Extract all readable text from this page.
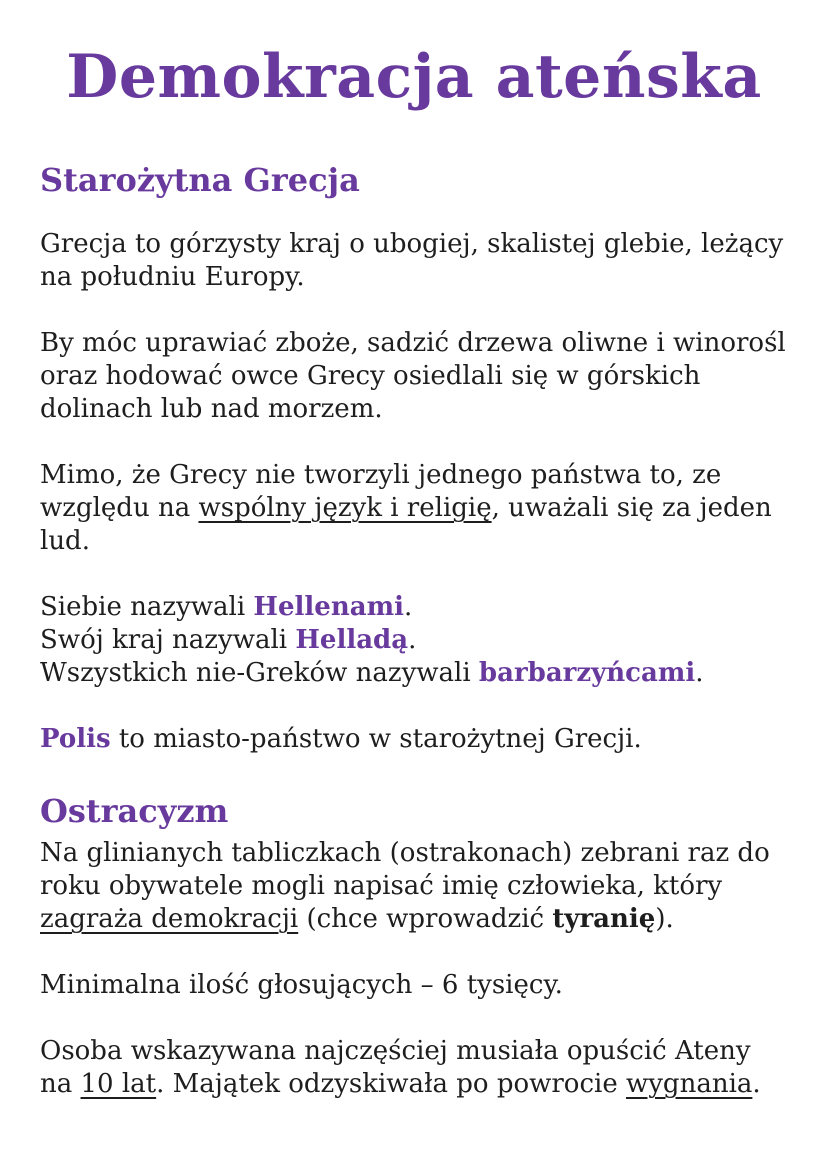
Demokracja ateńska
Starożytna Grecja

Grecja to górzysty kraj o ubogiej, skalistej glebie, leżący
na południu Europy.

By móc uprawiać zboże, sadzić drzewa oliwne i winorośl
oraz hodować owce Grecy osiedlali się w górskich
dolinach lub nad morzem.

Mimo, że Grecy nie tworzyli jednego państwa to, ze
względu na wspólny język i religię, uważali się za jeden
lud.

Siebie nazywali Hellenami.
Swój kraj nazywali Helladą.
Wszystkich nie-Greków nazywali barbarzyńcami.

Polis to miasto-państwo w starożytnej Grecji.

Ostracyzm

Na glinianych tabliczkach (ostrakonach) zebrani raz do
roku obywatele mogli napisać imię człowieka, który
zagraża demokracji (chce wprowadzić tyranię).

Minimalna ilość głosujących – 6 tysięcy.

Osoba wskazywana najczęściej musiała opuścić Ateny
na 10 lat. Majątek odzyskiwała po powrocie wygnania.
